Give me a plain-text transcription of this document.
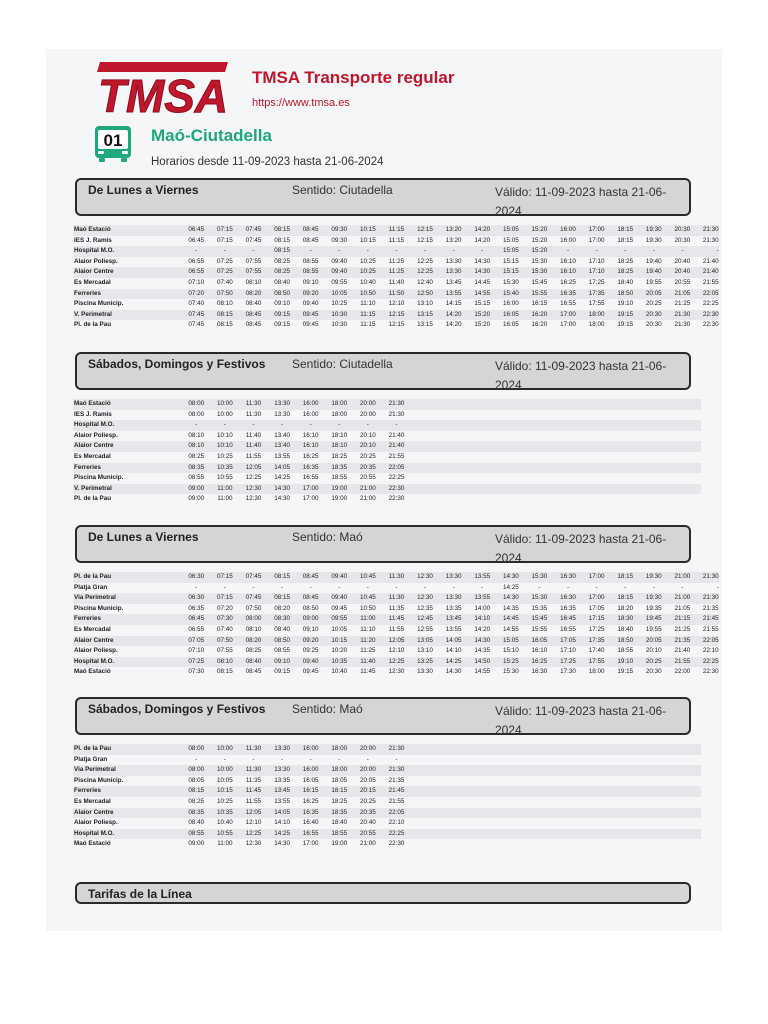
TMSA TMSA Transporte regular
https://www.tmsa.es
01 Maó-Ciutadella
Horarios desde 11-09-2023 hasta 21-06-2024
De Lunes a Viernes	Sentido: Ciutadella	Válido: 11-09-2023 hasta 21-06-2024
Maó Estació	06:45	07:15	07:45	08:15	08:45	09:30	10:15	11:15	12:15	13:20	14:20	15:05	15:20	16:00	17:00	18:15	19:30	20:30	21:30
IES J. Ramis	06:45	07:15	07:45	08:15	08:45	09:30	10:15	11:15	12:15	13:20	14:20	15:05	15:20	16:00	17:00	18:15	19:30	20:30	21:30
Hospital M.O.	-	-	-	08:15	-	-	-	-	-	-	-	15:05	15:20	-	-	-	-	-	-
Alaior Poliesp.	06:55	07:25	07:55	08:25	08:55	09:40	10:25	11:25	12:25	13:30	14:30	15:15	15:30	16:10	17:10	18:25	19:40	20:40	21:40
Alaior Centre	06:55	07:25	07:55	08:25	08:55	09:40	10:25	11:25	12:25	13:30	14:30	15:15	15:30	16:10	17:10	18:25	19:40	20:40	21:40
Es Mercadal	07:10	07:40	08:10	08:40	09:10	09:55	10:40	11:40	12:40	13:45	14:45	15:30	15:45	16:25	17:25	18:40	19:55	20:55	21:55
Ferreries	07:20	07:50	08:20	08:50	09:20	10:05	10:50	11:50	12:50	13:55	14:55	15:40	15:55	16:35	17:35	18:50	20:05	21:05	22:05
Piscina Municip.	07:40	08:10	08:40	09:10	09:40	10:25	11:10	12:10	13:10	14:15	15:15	16:00	16:15	16:55	17:55	19:10	20:25	21:25	22:25
V. Perimetral	07:45	08:15	08:45	09:15	09:45	10:30	11:15	12:15	13:15	14:20	15:20	16:05	16:20	17:00	18:00	19:15	20:30	21:30	22:30
Pl. de la Pau	07:45	08:15	08:45	09:15	09:45	10:30	11:15	12:15	13:15	14:20	15:20	16:05	16:20	17:00	18:00	19:15	20:30	21:30	22:30
Sábados, Domingos y Festivos Sentido: Ciutadella	Válido: 11-09-2023 hasta 21-06-2024
Maó Estació	08:00	10:00	11:30	13:30	16:00	18:00	20:00	21:30	
IES J. Ramis	08:00	10:00	11:30	13:30	16:00	18:00	20:00	21:30	
Hospital M.O.	-	-	-	-	-	-	-	-	
Alaior Poliesp.	08:10	10:10	11:40	13:40	16:10	18:10	20:10	21:40	
Alaior Centre	08:10	10:10	11:40	13:40	16:10	18:10	20:10	21:40	
Es Mercadal	08:25	10:25	11:55	13:55	16:25	18:25	20:25	21:55	
Ferreries	08:35	10:35	12:05	14:05	16:35	18:35	20:35	22:05	
Piscina Municip.	08:55	10:55	12:25	14:25	16:55	18:55	20:55	22:25	
V. Perimetral	09:00	11:00	12:30	14:30	17:00	19:00	21:00	22:30	
Pl. de la Pau	09:00	11:00	12:30	14:30	17:00	19:00	21:00	22:30	
De Lunes a Viernes	Sentido: Maó	Válido: 11-09-2023 hasta 21-06-2024
Pl. de la Pau	06:30	07:15	07:45	08:15	08:45	09:40	10:45	11:30	12:30	13:30	13:55	14:30	15:30	16:30	17:00	18:15	19:30	21:00	21:30
Platja Gran	-	-	-	-	-	-	-	-	-	-	-	14:25	-	-	-	-	-	-	-
Via Perimetral	06:30	07:15	07:45	08:15	08:45	09:40	10:45	11:30	12:30	13:30	13:55	14:30	15:30	16:30	17:00	18:15	19:30	21:00	21:30
Piscina Municip.	06:35	07:20	07:50	08:20	08:50	09:45	10:50	11:35	12:35	13:35	14:00	14:35	15:35	16:35	17:05	18:20	19:35	21:05	21:35
Ferreries	06:45	07:30	08:00	08:30	09:00	09:55	11:00	11:45	12:45	13:45	14:10	14:45	15:45	16:45	17:15	18:30	19:45	21:15	21:45
Es Mercadal	06:55	07:40	08:10	08:40	09:10	10:05	11:10	11:55	12:55	13:55	14:20	14:55	15:55	16:55	17:25	18:40	19:55	21:25	21:55
Alaior Centre	07:05	07:50	08:20	08:50	09:20	10:15	11:20	12:05	13:05	14:05	14:30	15:05	16:05	17:05	17:35	18:50	20:05	21:35	22:05
Alaior Poliesp.	07:10	07:55	08:25	08:55	09:25	10:20	11:25	12:10	13:10	14:10	14:35	15:10	16:10	17:10	17:40	18:55	20:10	21:40	22:10
Hospital M.O.	07:25	08:10	08:40	09:10	09:40	10:35	11:40	12:25	13:25	14:25	14:50	15:25	16:25	17:25	17:55	19:10	20:25	21:55	22:25
Maó Estació	07:30	08:15	08:45	09:15	09:45	10:40	11:45	12:30	13:30	14:30	14:55	15:30	16:30	17:30	18:00	19:15	20:30	22:00	22:30
Sábados, Domingos y Festivos Sentido: Maó	Válido: 11-09-2023 hasta 21-06-2024
Pl. de la Pau	08:00	10:00	11:30	13:30	16:00	18:00	20:00	21:30	
Platja Gran	-	-	-	-	-	-	-	-	
Via Perimetral	08:00	10:00	11:30	13:30	16:00	18:00	20:00	21:30	
Piscina Municip.	08:05	10:05	11:35	13:35	16:05	18:05	20:05	21:35	
Ferreries	08:15	10:15	11:45	13:45	16:15	18:15	20:15	21:45	
Es Mercadal	08:25	10:25	11:55	13:55	16:25	18:25	20:25	21:55	
Alaior Centre	08:35	10:35	12:05	14:05	16:35	18:35	20:35	22:05	
Alaior Poliesp.	08:40	10:40	12:10	14:10	16:40	18:40	20:40	22:10	
Hospital M.O.	08:55	10:55	12:25	14:25	16:55	18:55	20:55	22:25	
Maó Estació	09:00	11:00	12:30	14:30	17:00	19:00	21:00	22:30	
Tarifas de la Línea
